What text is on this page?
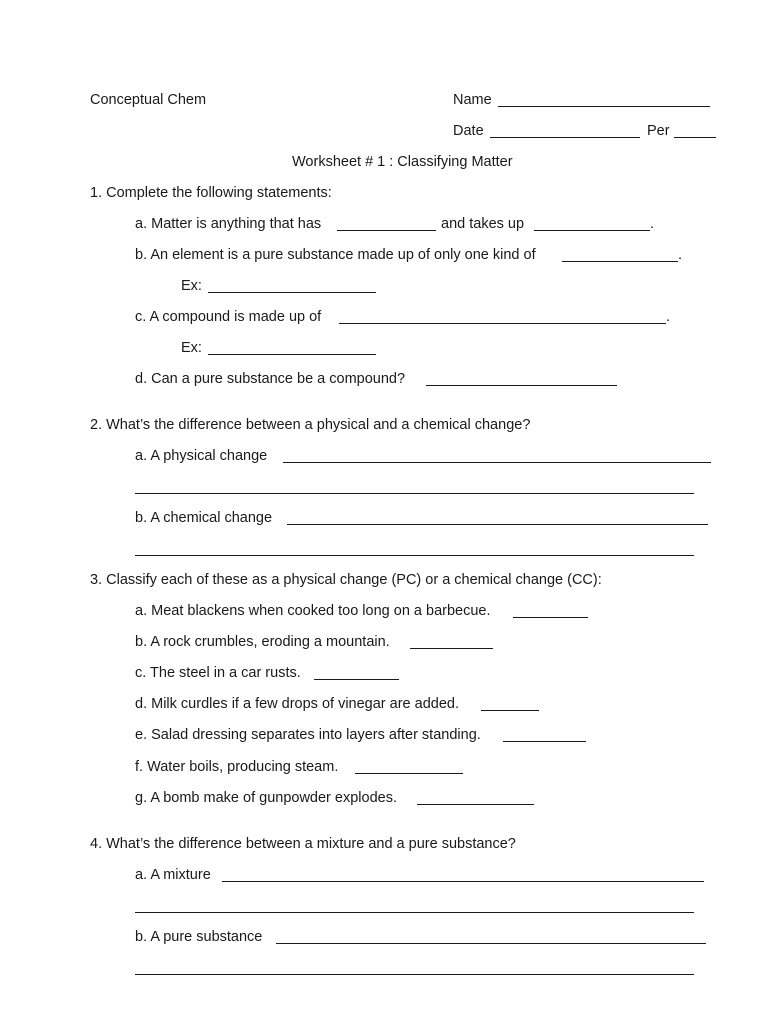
Conceptual Chem	Name
Date	Per
Worksheet # 1 : Classifying Matter
1. Complete the following statements:
a. Matter is anything that has	and takes up	.
b. An element is a pure substance made up of only one kind of	.
Ex:
c. A compound is made up of	.
Ex:
d. Can a pure substance be a compound?
2. What’s the difference between a physical and a chemical change?
a. A physical change
b. A chemical change
3. Classify each of these as a physical change (PC) or a chemical change (CC):
a. Meat blackens when cooked too long on a barbecue.
b. A rock crumbles, eroding a mountain.
c. The steel in a car rusts.
d. Milk curdles if a few drops of vinegar are added.
e. Salad dressing separates into layers after standing.
f. Water boils, producing steam.
g. A bomb make of gunpowder explodes.
4. What’s the difference between a mixture and a pure substance?
a. A mixture
b. A pure substance
